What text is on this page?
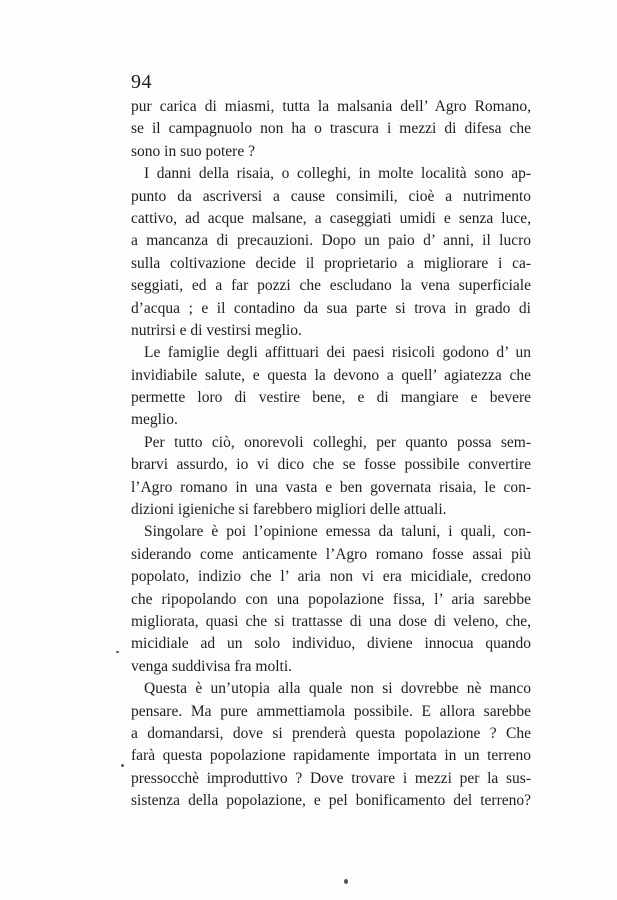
94
pur carica di miasmi, tutta la malsania dell’ Agro Romano,
se il campagnuolo non ha o trascura i mezzi di difesa che
sono in suo potere ?
I danni della risaia, o colleghi, in molte località sono ap-
punto da ascriversi a cause consimili, cioè a nutrimento
cattivo, ad acque malsane, a caseggiati umidi e senza luce,
a mancanza di precauzioni. Dopo un paio d’ anni, il lucro
sulla coltivazione decide il proprietario a migliorare i ca-
seggiati, ed a far pozzi che escludano la vena superficiale
d’acqua ; e il contadino da sua parte si trova in grado di
nutrirsi e di vestirsi meglio.
Le famiglie degli affittuari dei paesi risicoli godono d’ un
invidiabile salute, e questa la devono a quell’ agiatezza che
permette loro di vestire bene, e di mangiare e bevere
meglio.
Per tutto ciò, onorevoli colleghi, per quanto possa sem-
brarvi assurdo, io vi dico che se fosse possibile convertire
l’Agro romano in una vasta e ben governata risaia, le con-
dizioni igieniche si farebbero migliori delle attuali.
Singolare è poi l’opinione emessa da taluni, i quali, con-
siderando come anticamente l’Agro romano fosse assai più
popolato, indizio che l’ aria non vi era micidiale, credono
che ripopolando con una popolazione fissa, l’ aria sarebbe
migliorata, quasi che si trattasse di una dose di veleno, che,
micidiale ad un solo individuo, diviene innocua quando
venga suddivisa fra molti.
Questa è un’utopia alla quale non si dovrebbe nè manco
pensare. Ma pure ammettiamola possibile. E allora sarebbe
a domandarsi, dove si prenderà questa popolazione ? Che
farà questa popolazione rapidamente importata in un terreno
pressocchè improduttivo ? Dove trovare i mezzi per la sus-
sistenza della popolazione, e pel bonificamento del terreno?
